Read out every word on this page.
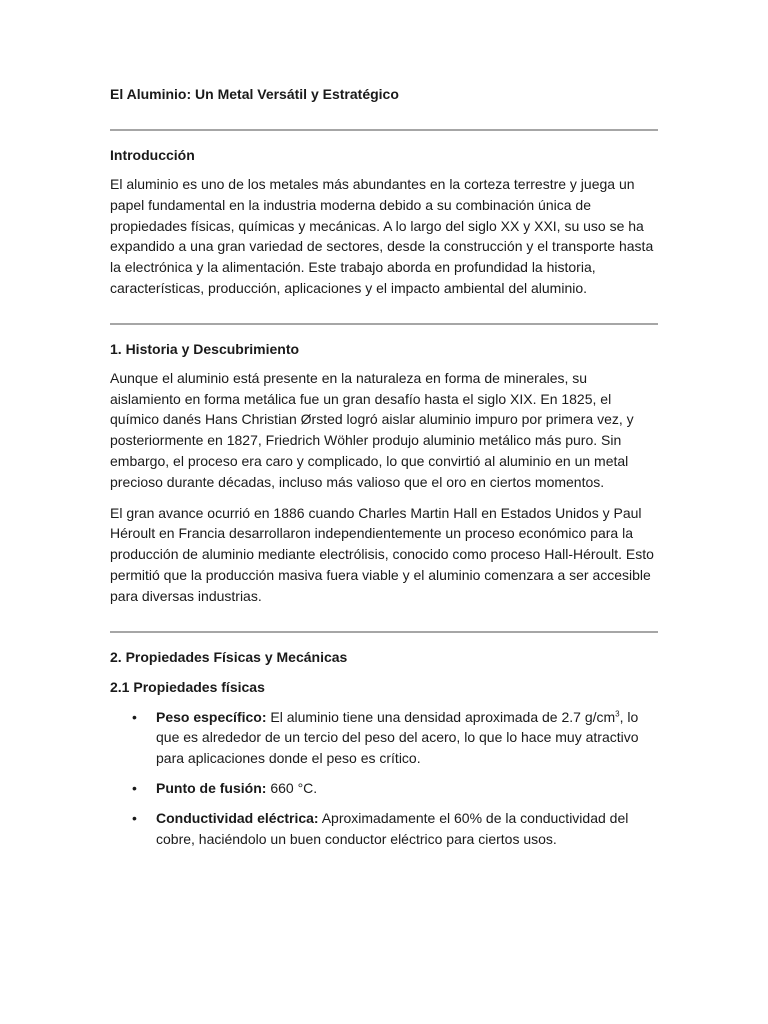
El Aluminio: Un Metal Versátil y Estratégico
Introducción

El aluminio es uno de los metales más abundantes en la corteza terrestre y juega un papel fundamental en la industria moderna debido a su combinación única de propiedades físicas, químicas y mecánicas. A lo largo del siglo XX y XXI, su uso se ha expandido a una gran variedad de sectores, desde la construcción y el transporte hasta la electrónica y la alimentación. Este trabajo aborda en profundidad la historia, características, producción, aplicaciones y el impacto ambiental del aluminio.

1. Historia y Descubrimiento

Aunque el aluminio está presente en la naturaleza en forma de minerales, su aislamiento en forma metálica fue un gran desafío hasta el siglo XIX. En 1825, el químico danés Hans Christian Ørsted logró aislar aluminio impuro por primera vez, y posteriormente en 1827, Friedrich Wöhler produjo aluminio metálico más puro. Sin embargo, el proceso era caro y complicado, lo que convirtió al aluminio en un metal precioso durante décadas, incluso más valioso que el oro en ciertos momentos.

El gran avance ocurrió en 1886 cuando Charles Martin Hall en Estados Unidos y Paul Héroult en Francia desarrollaron independientemente un proceso económico para la producción de aluminio mediante electrólisis, conocido como proceso Hall-Héroult. Esto permitió que la producción masiva fuera viable y el aluminio comenzara a ser accesible para diversas industrias.

2. Propiedades Físicas y Mecánicas
2.1 Propiedades físicas
• Peso específico: El aluminio tiene una densidad aproximada de 2.7 $g/cm^3$, lo que es alrededor de un tercio del peso del acero, lo que lo hace muy atractivo para aplicaciones donde el peso es crítico.
• Punto de fusión: 660 °C.
• Conductividad eléctrica: Aproximadamente el 60% de la conductividad del cobre, haciéndolo un buen conductor eléctrico para ciertos usos.
